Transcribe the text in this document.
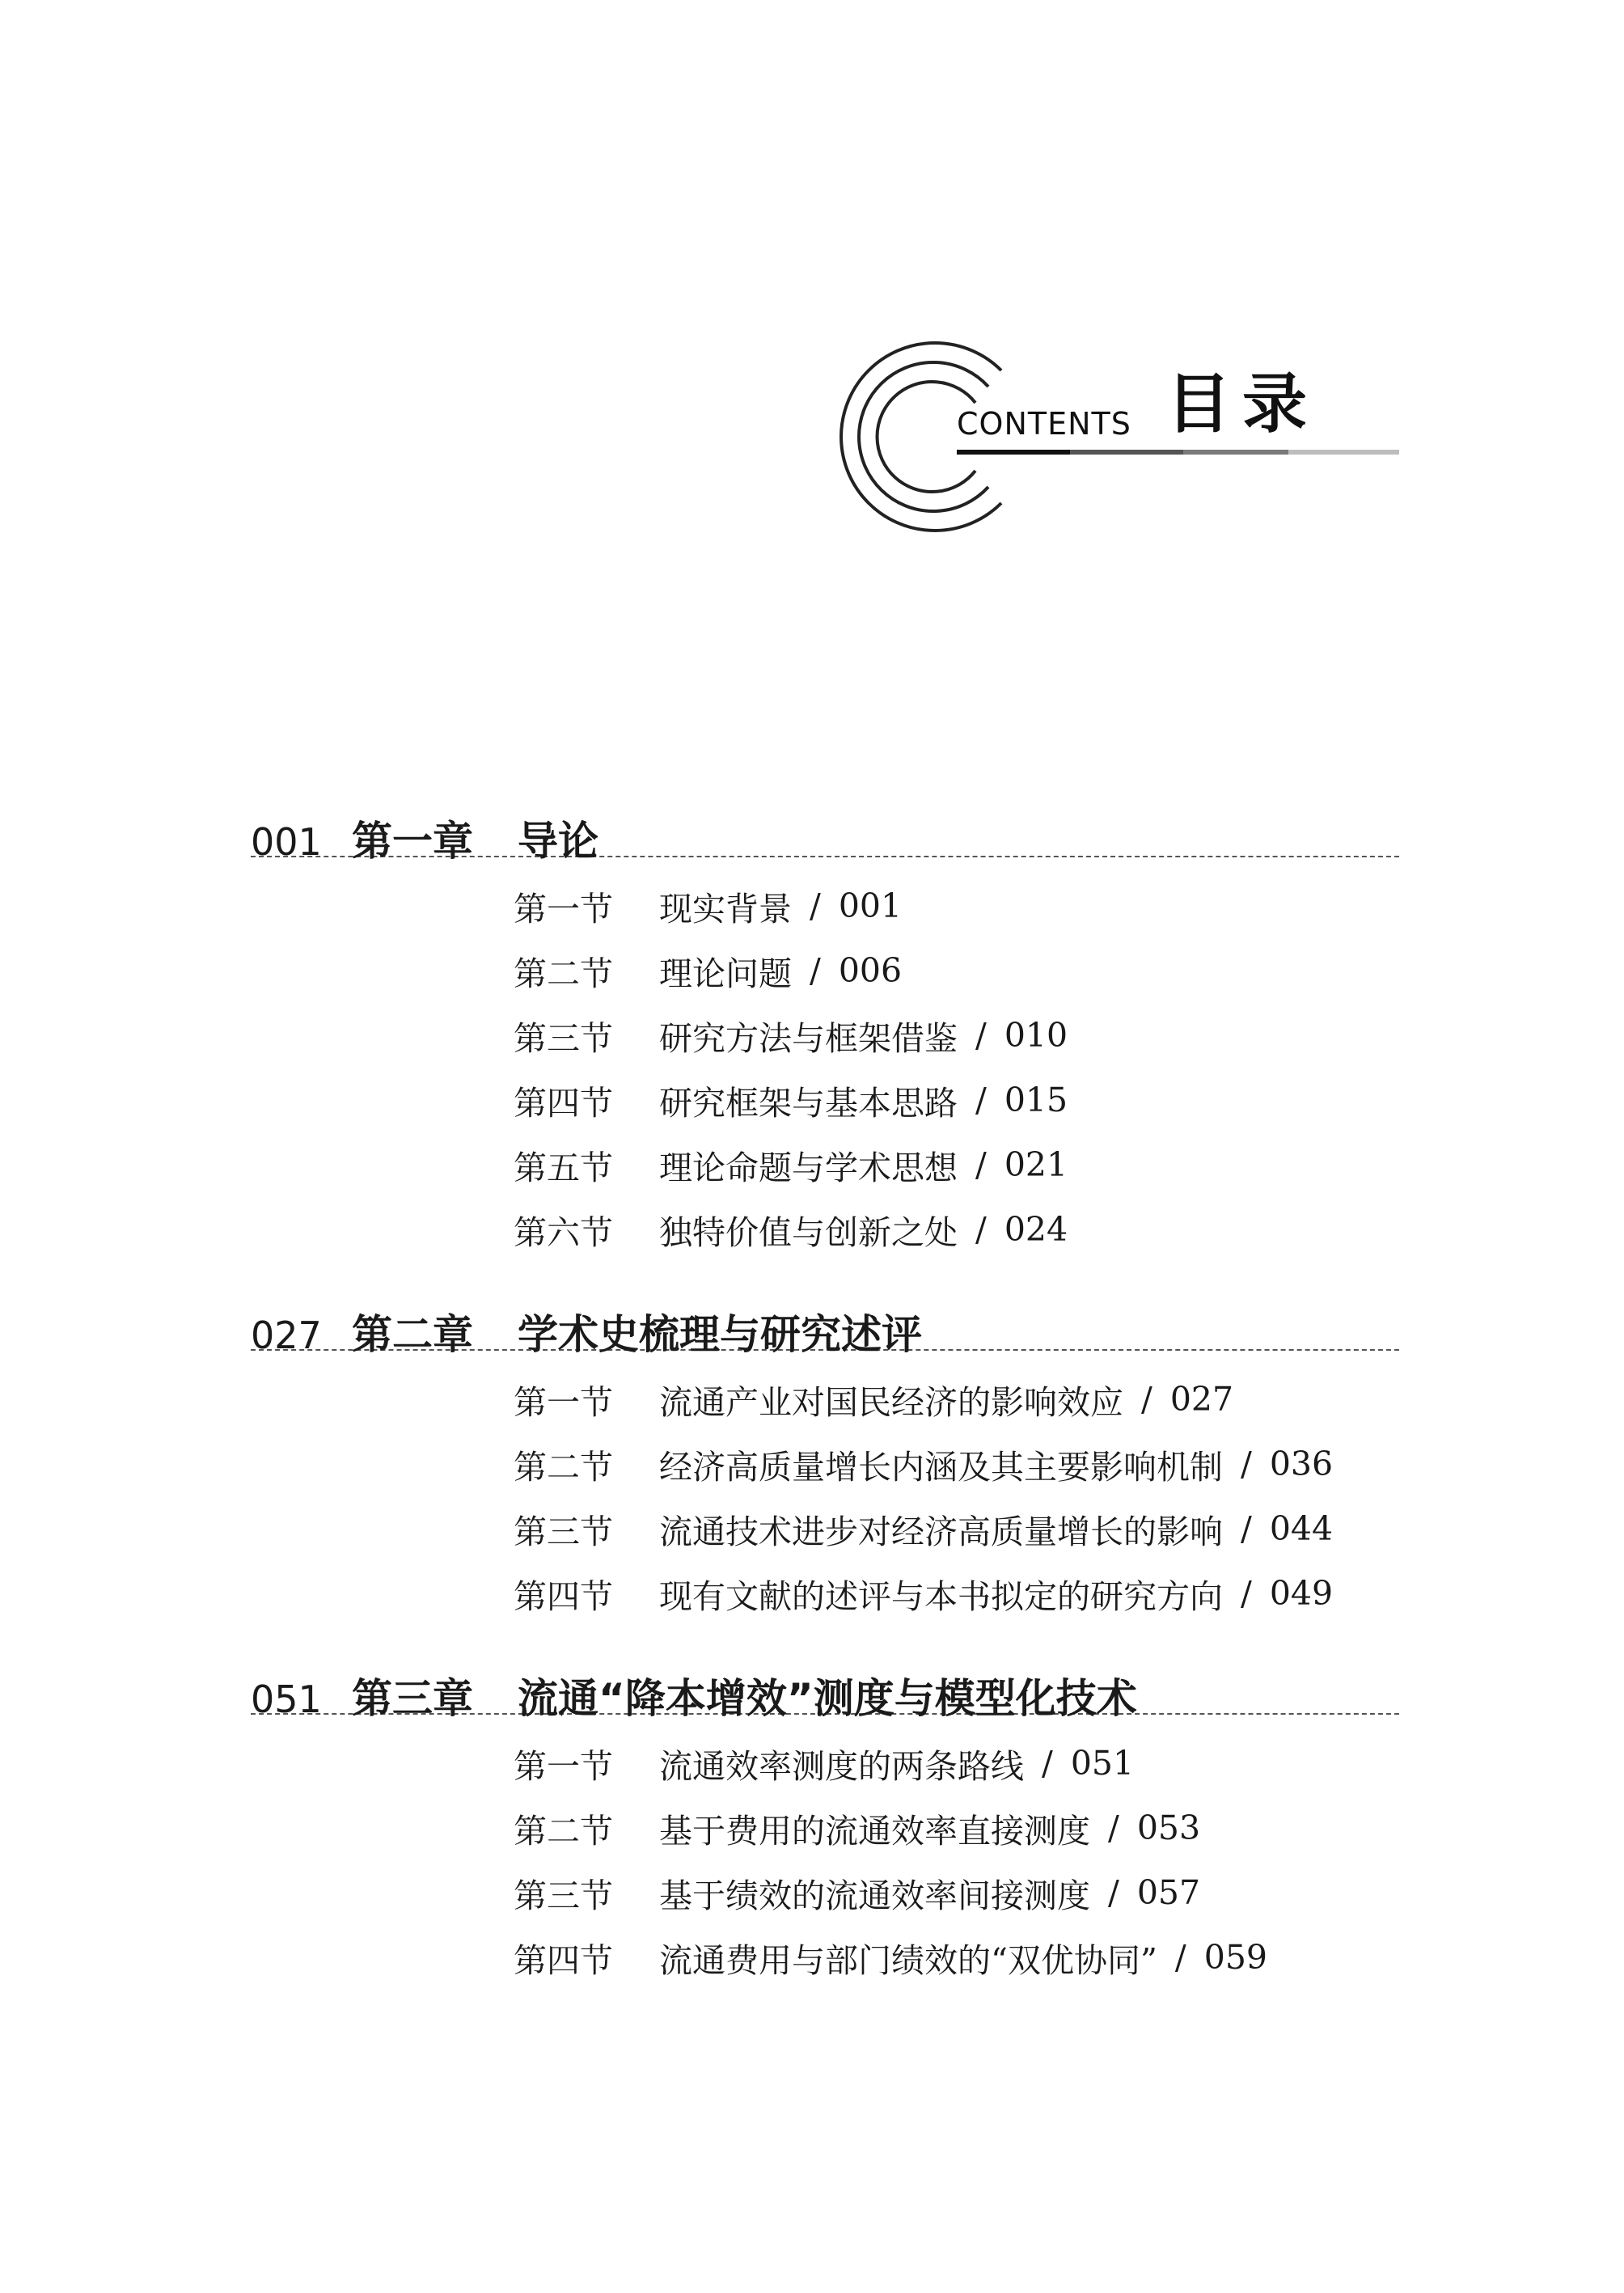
CONTENTS 目录
001 第一章	导论
第一节	现实背景 / 001
第二节	理论问题 / 006
第三节	研究方法与框架借鉴 / 010
第四节	研究框架与基本思路 / 015
第五节	理论命题与学术思想 / 021
第六节	独特价值与创新之处 / 024
027 第二章	学术史梳理与研究述评
第一节	流通产业对国民经济的影响效应 / 027
第二节	经济高质量增长内涵及其主要影响机制 / 036
第三节	流通技术进步对经济高质量增长的影响 / 044
第四节	现有文献的述评与本书拟定的研究方向 / 049
051 第三章	流通“降本增效”测度与模型化技术
第一节	流通效率测度的两条路线 / 051
第二节	基于费用的流通效率直接测度 / 053
第三节	基于绩效的流通效率间接测度 / 057
第四节	流通费用与部门绩效的“双优协同” / 059
